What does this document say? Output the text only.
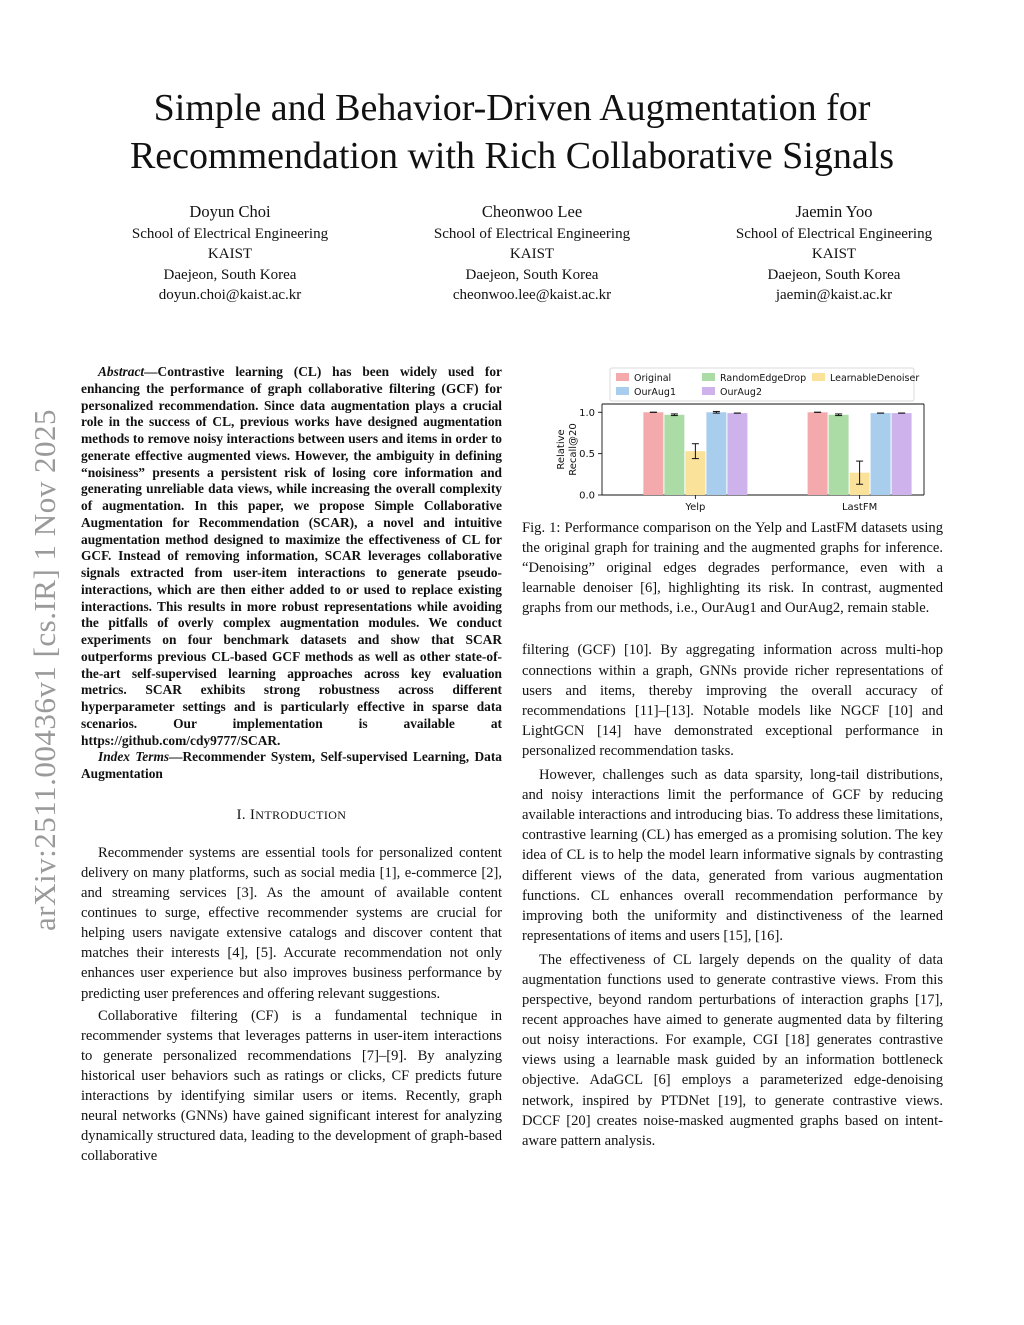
arXiv:2511.00436v1 [cs.IR] 1 Nov 2025
Simple and Behavior-Driven Augmentation for Recommendation with Rich Collaborative Signals
Doyun Choi
School of Electrical Engineering
KAIST
Daejeon, South Korea
doyun.choi@kaist.ac.kr
Cheonwoo Lee
School of Electrical Engineering
KAIST
Daejeon, South Korea
cheonwoo.lee@kaist.ac.kr
Jaemin Yoo
School of Electrical Engineering
KAIST
Daejeon, South Korea
jaemin@kaist.ac.kr

Abstract—Contrastive learning (CL) has been widely used for enhancing the performance of graph collaborative filtering (GCF) for personalized recommendation. Since data augmentation plays a crucial role in the success of CL, previous works have designed augmentation methods to remove noisy interactions between users and items in order to generate effective augmented views. However, the ambiguity in defining “noisiness” presents a persistent risk of losing core information and generating unreliable data views, while increasing the overall complexity of augmentation. In this paper, we propose Simple Collaborative Augmentation for Recommendation (SCAR), a novel and intuitive augmentation method designed to maximize the effectiveness of CL for GCF. Instead of removing information, SCAR leverages collaborative signals extracted from user-item interactions to generate pseudo-interactions, which are then either added to or used to replace existing interactions. This results in more robust representations while avoiding the pitfalls of overly complex augmentation modules. We conduct experiments on four benchmark datasets and show that SCAR outperforms previous CL-based GCF methods as well as other state-of-the-art self-supervised learning approaches across key evaluation metrics. SCAR exhibits strong robustness across different hyperparameter settings and is particularly effective in sparse data scenarios. Our implementation is available at https://github.com/cdy9777/SCAR.

Index Terms—Recommender System, Self-supervised Learning, Data Augmentation

I. INTRODUCTION

Recommender systems are essential tools for personalized content delivery on many platforms, such as social media [1], e-commerce [2], and streaming services [3]. As the amount of available content continues to surge, effective recommender systems are crucial for helping users navigate extensive catalogs and discover content that matches their interests [4], [5]. Accurate recommendation not only enhances user experience but also improves business performance by predicting user preferences and offering relevant suggestions.

Collaborative filtering (CF) is a fundamental technique in recommender systems that leverages patterns in user-item interactions to generate personalized recommendations [7]–[9]. By analyzing historical user behaviors such as ratings or clicks, CF predicts future interactions by identifying similar users or items. Recently, graph neural networks (GNNs) have gained significant interest for analyzing dynamically structured data, leading to the development of graph-based collaborative

Original	RandomEdgeDrop	LearnableDenoiser
OurAug1	OurAug2
0.0
0.5
1.0
RelativeRecall@20
Yelp	LastFM
Fig. 1: Performance comparison on the Yelp and LastFM datasets using the original graph for training and the augmented graphs for inference. “Denoising” original edges degrades performance, even with a learnable denoiser [6], highlighting its risk. In contrast, augmented graphs from our methods, i.e., OurAug1 and OurAug2, remain stable.

filtering (GCF) [10]. By aggregating information across multi-hop connections within a graph, GNNs provide richer representations of users and items, thereby improving the overall accuracy of recommendations [11]–[13]. Notable models like NGCF [10] and LightGCN [14] have demonstrated exceptional performance in personalized recommendation tasks.

However, challenges such as data sparsity, long-tail distributions, and noisy interactions limit the performance of GCF by reducing available interactions and introducing bias. To address these limitations, contrastive learning (CL) has emerged as a promising solution. The key idea of CL is to help the model learn informative signals by contrasting different views of the data, generated from various augmentation functions. CL enhances overall recommendation performance by improving both the uniformity and distinctiveness of the learned representations of items and users [15], [16].

The effectiveness of CL largely depends on the quality of data augmentation functions used to generate contrastive views. From this perspective, beyond random perturbations of interaction graphs [17], recent approaches have aimed to generate augmented data by filtering out noisy interactions. For example, CGI [18] generates contrastive views using a learnable mask guided by an information bottleneck objective. AdaGCL [6] employs a parameterized edge-denoising network, inspired by PTDNet [19], to generate contrastive views. DCCF [20] creates noise-masked augmented graphs based on intent-aware pattern analysis.
